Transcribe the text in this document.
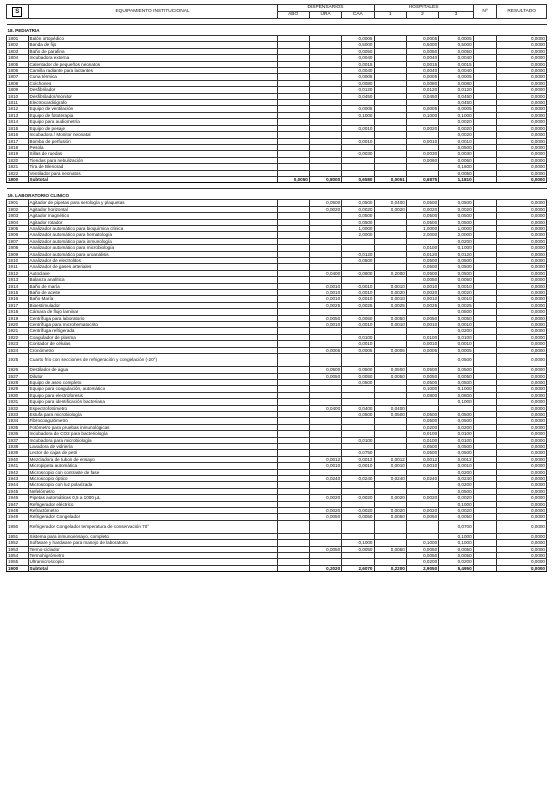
Ś	EQUIPAMIENTO INSTITUCIONAL	DISPENSARIOS			HOSPITALES			Nº	RESULTADO
		ABO	URA	CAA	1	2	3		

18. PEDIATRIA									
1801	Balón ortopédico			0,0005		0,0005	0,0005		0,0000
1802	Banda de fijo			0,5000		0,5000	0,5000		0,0000
1803	Baño de parafina			0,0050		0,0050	0,0050		0,0000
1804	Incubadora externa			0,0040		0,0040	0,0040		0,0000
1805	Calentador de pequeños neonatos			0,0015		0,0015	0,0015		0,0000
1806	Camilla radiante para lactantes			0,0040		0,0040	0,0040		0,0000
1807	Cuna térmica			0,0005		0,0005	0,0005		0,0000
1808	Colchones			0,0080		0,0080	0,0080		0,0000
1809	Desfibrilador			0,0120		0,0120	0,0120		0,0000
1810	Desfibrilador/monitor			0,0450		0,0450	0,0450		0,0000
1811	Electrocardiógrafo						0,0450		0,0000
1812	Equipo de ventilación			0,0005		0,0005	0,0005		0,0000
1813	Equipo de fototerapia			0,1000		0,1000	0,1000		0,0000
1814	Equipo para audiometría						0,0020		0,0000
1815	Equipo de pesaje			0,0010		0,0020	0,0020		0,0000
1816	Incubadora / Monitor neonatal						0,0020		0,0000
1817	Bomba de perfusión			0,0010		0,0010	0,0010		0,0000
1818	Pesola						0,0500		0,0000
1819	Sillas de ruedas			0,0030		0,0030	0,0030		0,0000
1820	Tiendas para nebulización					0,0060	0,0060		0,0000
1821	Tira de Blenorad						0,1600		0,0000
1822	Ventilador para neonatos						0,0050		0,0000
1800	Subtotal	0,0050	0,8000	0,6580	0,0051	0,6875	1,1810		0,0000

19. LABORATORIO CLINICO									
1901	Agitador de pipetas para serología y plaquetas		0,0500	0,0500	0,0400	0,0500	0,0500		0,0000
1902	Agitador horizontal		0,0020	0,0020	0,0020	0,0020	0,0020		0,0000
1903	Agitador magnético			0,0500		0,0500	0,0500		0,0000
1904	Agitador rotador			0,0500		0,0500	0,0500		0,0000
1905	Analizador automático para bioquímica clínica			1,0000		1,0000	1,0000		0,0000
1906	Analizador automático para hematología			2,0000		2,0000	2,0000		0,0000
1907	Analizador automático para inmunología						0,0200		0,0000
1908	Analizador automático para microbiología					0,0100	0,1000		0,0000
1909	Analizador automático para uroanálisis			0,0120		0,0120	0,0120		0,0000
1910	Analizador de electrolitos			0,0500		0,0500	0,0500		0,0000
1911	Analizador de gases arteriales					0,0500	0,0500		0,0000
1912	Autoclave		0,0400	0,0800	0,2000	0,0500	0,0500		0,0000
1913	Balanza analítica					0,0050	0,0050		0,0000
1914	Baño de maría		0,0010	0,0010	0,0010	0,0010	0,0010		0,0000
1915	Baño de aceite		0,0010	0,0010	0,0020	0,0020	0,0020		0,0000
1916	Baño María		0,0010	0,0010	0,0010	0,0010	0,0010		0,0000
1917	Bioestimulador		0,0025	0,0025	0,0025	0,0025	0,0025		0,0000
1918	Cámara de flujo laminar						0,0500		0,0000
1919	Centrífuga para laboratorio		0,0050	0,0050	0,0050	0,0050	0,0050		0,0000
1920	Centrífuga para microhematocrito		0,0010	0,0010	0,0010	0,0010	0,0010		0,0000
1921	Centrífuga refrigerada						0,0200		0,0000
1922	Coagulador de plasma			0,0100		0,0100	0,0100		0,0000
1923	Contador de células			0,0010		0,0010	0,0010		0,0000
1924	Cronómetro		0,0005	0,0005	0,0005	0,0005	0,0005		0,0000
1925	Cuarto frío con secciones de refrigeración y congelación (-20°)						0,0500		0,0000
1926	Destilador de agua		0,0500	0,0500	0,0500	0,0500	0,0500		0,0000
1927	Dilutor		0,0050	0,0050	0,0050	0,0050	0,0050		0,0000
1928	Equipo de aseo completo			0,0500		0,0500	0,0500		0,0000
1929	Equipo para coagulación, automático					0,1000	0,1000		0,0000
1930	Equipo para electroforesis					0,0800	0,0800		0,0000
1931	Equipo para identificación bacteriana						0,1000		0,0000
1932	Espectrofotómetro		0,0400	0,0400	0,0400				0,0000
1933	Estufa para microbiología			0,0500	0,0500	0,0500	0,0500		0,0000
1934	Fibrocoagulómetro					0,0500	0,0500		0,0000
1935	Fotómetro para pruebas inmunológicas					0,0200	0,0200		0,0000
1936	Incubadora de CO2 para bacteriología					0,0100	0,0100		0,0000
1937	Incubadora para microbiología			0,0100		0,0100	0,0100		0,0000
1938	Lavadora de vidriería					0,0500	0,0500		0,0000
1939	Lector de cajas de petri			0,0750		0,0500	0,0500		0,0000
1940	Mezcladora de tubos de ensayo		0,0012	0,0012	0,0012	0,0012	0,0012		0,0000
1941	Micropipeta automática		0,0010	0,0010	0,0010	0,0010	0,0010		0,0000
1942	Microscopio con contraste de fase						0,0200		0,0000
1943	Microscopio óptico		0,0240	0,0240	0,0240	0,0240	0,0240		0,0000
1944	Microscopio con luz polarizada						0,0200		0,0000
1945	Nefelómetro						0,0500		0,0000
1946	Pipetas automáticas 0,5 a 1000 µL		0,0020	0,0020	0,0020	0,0020	0,0020		0,0000
1947	Refrigerador eléctrico						0,1000		0,0000
1948	Refractómetro		0,0020	0,0020	0,0020	0,0020	0,0020		0,0000
1949	Refrigerador Congelador		0,0050	0,0050	0,0050	0,0050	0,0050		0,0000
1950	Refrigerador Congelador temperatura de conservación 70°						0,0700		0,0000
1951	Sistema para inmunoensayo, completo						0,1000		0,0000
1952	Software y hardware para manejo de laboratorio			0,1000		0,1000	0,1000		0,0000
1953	Termo-ciclador		0,0050	0,0050	0,0050	0,0050	0,0050		0,0000
1954	Termohigrómetro					0,0050	0,0050		0,0000
1955	Ultramicroscopio					0,0200	0,0200		0,0000
1900	Subtotal		0,2020	2,6070	0,2200	2,9050	5,4950		0,0000
